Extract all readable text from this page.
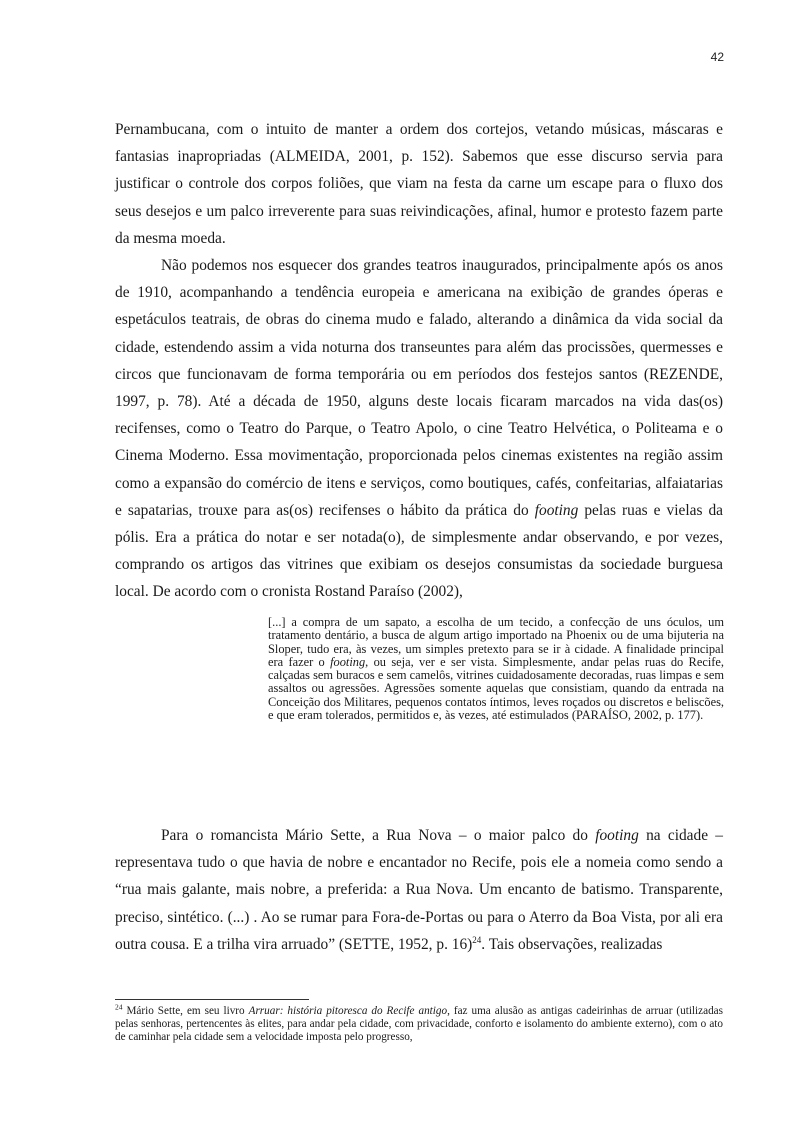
42

Pernambucana, com o intuito de manter a ordem dos cortejos, vetando músicas, máscaras e fantasias inapropriadas (ALMEIDA, 2001, p. 152). Sabemos que esse discurso servia para justificar o controle dos corpos foliões, que viam na festa da carne um escape para o fluxo dos seus desejos e um palco irreverente para suas reivindicações, afinal, humor e protesto fazem parte da mesma moeda.

Não podemos nos esquecer dos grandes teatros inaugurados, principalmente após os anos de 1910, acompanhando a tendência europeia e americana na exibição de grandes óperas e espetáculos teatrais, de obras do cinema mudo e falado, alterando a dinâmica da vida social da cidade, estendendo assim a vida noturna dos transeuntes para além das procissões, quermesses e circos que funcionavam de forma temporária ou em períodos dos festejos santos (REZENDE, 1997, p. 78). Até a década de 1950, alguns deste locais ficaram marcados na vida das(os) recifenses, como o Teatro do Parque, o Teatro Apolo, o cine Teatro Helvética, o Politeama e o Cinema Moderno. Essa movimentação, proporcionada pelos cinemas existentes na região assim como a expansão do comércio de itens e serviços, como boutiques, cafés, confeitarias, alfaiatarias e sapatarias, trouxe para as(os) recifenses o hábito da prática do footing pelas ruas e vielas da pólis. Era a prática do notar e ser notada(o), de simplesmente andar observando, e por vezes, comprando os artigos das vitrines que exibiam os desejos consumistas da sociedade burguesa local. De acordo com o cronista Rostand Paraíso (2002),

[...] a compra de um sapato, a escolha de um tecido, a confecção de uns óculos, um tratamento dentário, a busca de algum artigo importado na Phoenix ou de uma bijuteria na Sloper, tudo era, às vezes, um simples pretexto para se ir à cidade. A finalidade principal era fazer o footing, ou seja, ver e ser vista. Simplesmente, andar pelas ruas do Recife, calçadas sem buracos e sem camelôs, vitrines cuidadosamente decoradas, ruas limpas e sem assaltos ou agressões. Agressões somente aquelas que consistiam, quando da entrada na Conceição dos Militares, pequenos contatos íntimos, leves roçados ou discretos e beliscões, e que eram tolerados, permitidos e, às vezes, até estimulados (PARAÍSO, 2002, p. 177).

Para o romancista Mário Sette, a Rua Nova – o maior palco do footing na cidade – representava tudo o que havia de nobre e encantador no Recife, pois ele a nomeia como sendo a “rua mais galante, mais nobre, a preferida: a Rua Nova. Um encanto de batismo. Transparente, preciso, sintético. (...) . Ao se rumar para Fora-de-Portas ou para o Aterro da Boa Vista, por ali era outra cousa. E a trilha vira arruado” (SETTE, 1952, p. 16)$^{24}$. Tais observações, realizadas

$^{24}$ Mário Sette, em seu livro Arruar: história pitoresca do Recife antigo, faz uma alusão as antigas cadeirinhas de arruar (utilizadas pelas senhoras, pertencentes às elites, para andar pela cidade, com privacidade, conforto e isolamento do ambiente externo), com o ato de caminhar pela cidade sem a velocidade imposta pelo progresso,
